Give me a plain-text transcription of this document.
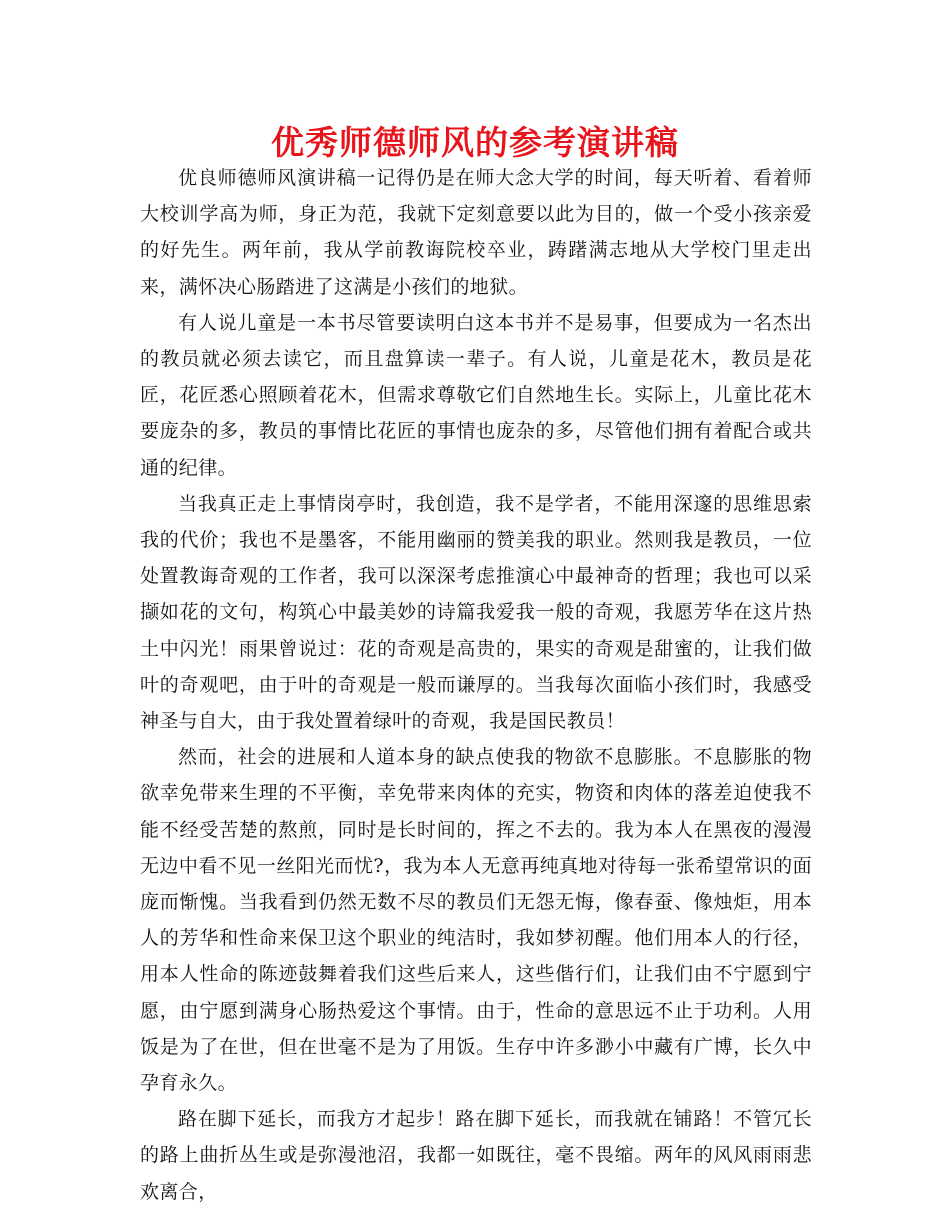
优秀师德师风的参考演讲稿

优良师德师风演讲稿一记得仍是在师大念大学的时间，每天听着、看着师大校训学高为师，身正为范，我就下定刻意要以此为目的，做一个受小孩亲爱的好先生。两年前，我从学前教诲院校卒业，踌躇满志地从大学校门里走出来，满怀决心肠踏进了这满是小孩们的地狱。

有人说儿童是一本书尽管要读明白这本书并不是易事，但要成为一名杰出的教员就必须去读它，而且盘算读一辈子。有人说，儿童是花木，教员是花匠，花匠悉心照顾着花木，但需求尊敬它们自然地生长。实际上，儿童比花木要庞杂的多，教员的事情比花匠的事情也庞杂的多，尽管他们拥有着配合或共通的纪律。

当我真正走上事情岗亭时，我创造，我不是学者，不能用深邃的思维思索我的代价；我也不是墨客，不能用幽丽的赞美我的职业。然则我是教员，一位处置教诲奇观的工作者，我可以深深考虑推演心中最神奇的哲理；我也可以采撷如花的文句，构筑心中最美妙的诗篇我爱我一般的奇观，我愿芳华在这片热土中闪光！雨果曾说过：花的奇观是高贵的，果实的奇观是甜蜜的，让我们做叶的奇观吧，由于叶的奇观是一般而谦厚的。当我每次面临小孩们时，我感受神圣与自大，由于我处置着绿叶的奇观，我是国民教员！

然而，社会的进展和人道本身的缺点使我的物欲不息膨胀。不息膨胀的物欲幸免带来生理的不平衡，幸免带来肉体的充实，物资和肉体的落差迫使我不能不经受苦楚的熬煎，同时是长时间的，挥之不去的。我为本人在黑夜的漫漫无边中看不见一丝阳光而忧?，我为本人无意再纯真地对待每一张希望常识的面庞而惭愧。当我看到仍然无数不尽的教员们无怨无悔，像春蚕、像烛炬，用本人的芳华和性命来保卫这个职业的纯洁时，我如梦初醒。他们用本人的行径，用本人性命的陈迹鼓舞着我们这些后来人，这些偕行们，让我们由不宁愿到宁愿，由宁愿到满身心肠热爱这个事情。由于，性命的意思远不止于功利。人用饭是为了在世，但在世毫不是为了用饭。生存中许多渺小中藏有广博，长久中孕育永久。

路在脚下延长，而我方才起步！路在脚下延长，而我就在铺路！不管冗长的路上曲折丛生或是弥漫池沼，我都一如既往，毫不畏缩。两年的风风雨雨悲欢离合，
